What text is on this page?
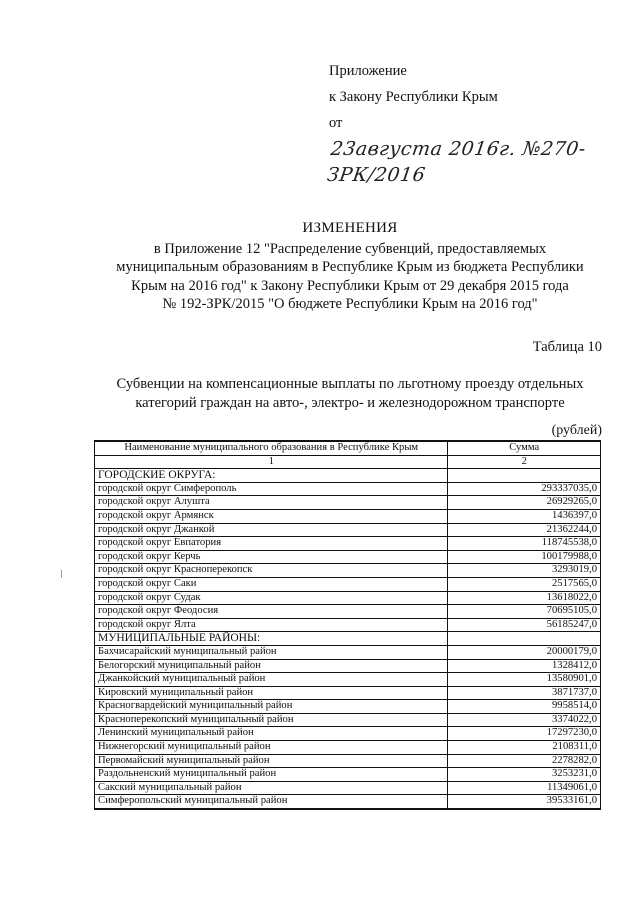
Приложение
к Закону Республики Крым
от23августа 2016г. №270-ЗРК/2016
ИЗМЕНЕНИЯ
в Приложение 12 "Распределение субвенций, предоставляемых
муниципальным образованиям в Республике Крым из бюджета Республики
Крым на 2016 год" к Закону Республики Крым от 29 декабря 2015 года
№ 192-ЗРК/2015 "О бюджете Республики Крым на 2016 год"
Таблица 10
Субвенции на компенсационные выплаты по льготному проезду отдельных
категорий граждан на авто-, электро- и железнодорожном транспорте
(рублей)
Наименование муниципального образования в Республике Крым	Сумма
1	2
ГОРОДСКИЕ ОКРУГА:	
городской округ Симферополь	293337035,0
городской округ Алушта	26929265,0
городской округ Армянск	1436397,0
городской округ Джанкой	21362244,0
городской округ Евпатория	118745538,0
городской округ Керчь	100179988,0
городской округ Красноперекопск	3293019,0
городской округ Саки	2517565,0
городской округ Судак	13618022,0
городской округ Феодосия	70695105,0
городской округ Ялта	56185247,0
МУНИЦИПАЛЬНЫЕ РАЙОНЫ:	
Бахчисарайский муниципальный район	20000179,0
Белогорский муниципальный район	1328412,0
Джанкойский муниципальный район	13580901,0
Кировский муниципальный район	3871737,0
Красногвардейский муниципальный район	9958514,0
Красноперекопский муниципальный район	3374022,0
Ленинский муниципальный район	17297230,0
Нижнегорский муниципальный район	2108311,0
Первомайский муниципальный район	2278282,0
Раздольненский муниципальный район	3253231,0
Сакский муниципальный район	11349061,0
Симферопольский муниципальный район	39533161,0
